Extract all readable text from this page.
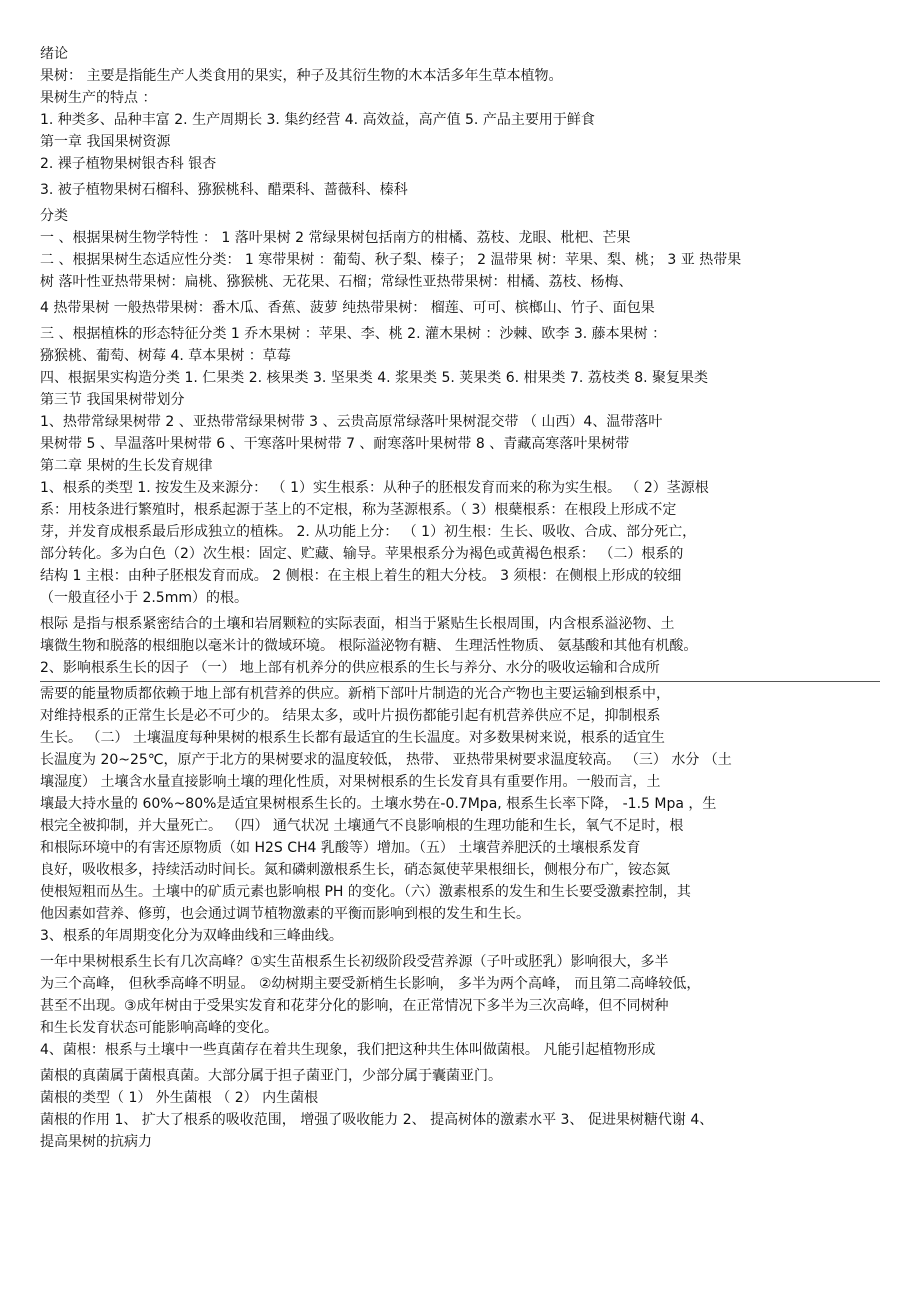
绪论

果树： 主要是指能生产人类食用的果实，种子及其衍生物的木本活多年生草本植物。

果树生产的特点 ：

1. 种类多、品种丰富 2. 生产周期长 3. 集约经营 4. 高效益，高产值 5. 产品主要用于鲜食

第一章 我国果树资源

2. 裸子植物果树银杏科 银杏

3. 被子植物果树石榴科、猕猴桃科、醋栗科、蔷薇科、榛科

分类

一 、根据果树生物学特性 ： 1 落叶果树 2 常绿果树包括南方的柑橘、荔枝、龙眼、枇杷、芒果

二 、根据果树生态适应性分类： 1 寒带果树 ：葡萄、秋子梨、榛子； 2 温带果 树：苹果、梨、桃； 3 亚 热带果

树 落叶性亚热带果树：扁桃、猕猴桃、无花果、石榴；常绿性亚热带果树：柑橘、荔枝、杨梅、

4 热带果树 一般热带果树：番木瓜、香蕉、菠萝 纯热带果树： 榴莲、可可、槟榔山、竹子、面包果

三 、根据植株的形态特征分类 1 乔木果树 ：苹果、李、桃 2. 灌木果树 ：沙棘、欧李 3. 藤本果树 ：

猕猴桃、葡萄、树莓 4. 草本果树 ：草莓

四、根据果实构造分类 1. 仁果类 2. 核果类 3. 坚果类 4. 浆果类 5. 荚果类 6. 柑果类 7. 荔枝类 8. 聚复果类

第三节 我国果树带划分

1、热带常绿果树带 2 、亚热带常绿果树带 3 、云贵高原常绿落叶果树混交带 （ 山西）4、温带落叶

果树带 5 、旱温落叶果树带 6 、干寒落叶果树带 7 、耐寒落叶果树带 8 、青藏高寒落叶果树带

第二章 果树的生长发育规律

1、根系的类型 1. 按发生及来源分： （ 1）实生根系：从种子的胚根发育而来的称为实生根。 （ 2）茎源根

系：用枝条进行繁殖时，根系起源于茎上的不定根，称为茎源根系。（ 3）根蘖根系：在根段上形成不定

芽，并发育成根系最后形成独立的植株。 2. 从功能上分： （ 1）初生根：生长、吸收、合成、部分死亡，

部分转化。多为白色（2）次生根：固定、贮藏、输导。苹果根系分为褐色或黄褐色根系： （二）根系的

结构 1 主根：由种子胚根发育而成。 2 侧根：在主根上着生的粗大分枝。 3 须根：在侧根上形成的较细

（一般直径小于 2.5mm）的根。

根际 是指与根系紧密结合的土壤和岩屑颗粒的实际表面，相当于紧贴生长根周围，内含根系溢泌物、土

壤微生物和脱落的根细胞以毫米计的微域环境。 根际溢泌物有糖、 生理活性物质、 氨基酸和其他有机酸。

2、影响根系生长的因子 （一） 地上部有机养分的供应根系的生长与养分、水分的吸收运输和合成所

需要的能量物质都依赖于地上部有机营养的供应。新梢下部叶片制造的光合产物也主要运输到根系中，

对维持根系的正常生长是必不可少的。 结果太多，或叶片损伤都能引起有机营养供应不足，抑制根系

生长。 （二） 土壤温度每种果树的根系生长都有最适宜的生长温度。对多数果树来说，根系的适宜生

长温度为 20~25℃，原产于北方的果树要求的温度较低， 热带、 亚热带果树要求温度较高。 （三） 水分 （土

壤湿度） 土壤含水量直接影响土壤的理化性质，对果树根系的生长发育具有重要作用。一般而言，土

壤最大持水量的 60%~80%是适宜果树根系生长的。土壤水势在-0.7Mpa, 根系生长率下降， -1.5 Mpa ，生

根完全被抑制，并大量死亡。 （四） 通气状况 土壤通气不良影响根的生理功能和生长，氧气不足时，根

和根际环境中的有害还原物质（如 H2S CH4 乳酸等）增加。（五） 土壤营养肥沃的土壤根系发育

良好，吸收根多，持续活动时间长。氮和磷刺激根系生长，硝态氮使苹果根细长，侧根分布广，铵态氮

使根短粗而丛生。土壤中的矿质元素也影响根 PH 的变化。（六）激素根系的发生和生长要受激素控制，其

他因素如营养、修剪，也会通过调节植物激素的平衡而影响到根的发生和生长。

3、根系的年周期变化分为双峰曲线和三峰曲线。

一年中果树根系生长有几次高峰？①实生苗根系生长初级阶段受营养源（子叶或胚乳）影响很大，多半

为三个高峰， 但秋季高峰不明显。 ②幼树期主要受新梢生长影响， 多半为两个高峰， 而且第二高峰较低，

甚至不出现。③成年树由于受果实发育和花芽分化的影响，在正常情况下多半为三次高峰，但不同树种

和生长发育状态可能影响高峰的变化。

4、菌根：根系与土壤中一些真菌存在着共生现象，我们把这种共生体叫做菌根。 凡能引起植物形成

菌根的真菌属于菌根真菌。大部分属于担子菌亚门，少部分属于囊菌亚门。

菌根的类型（ 1） 外生菌根 （ 2） 内生菌根

菌根的作用 1、 扩大了根系的吸收范围， 增强了吸收能力 2、 提高树体的激素水平 3、 促进果树糖代谢 4、

提高果树的抗病力
